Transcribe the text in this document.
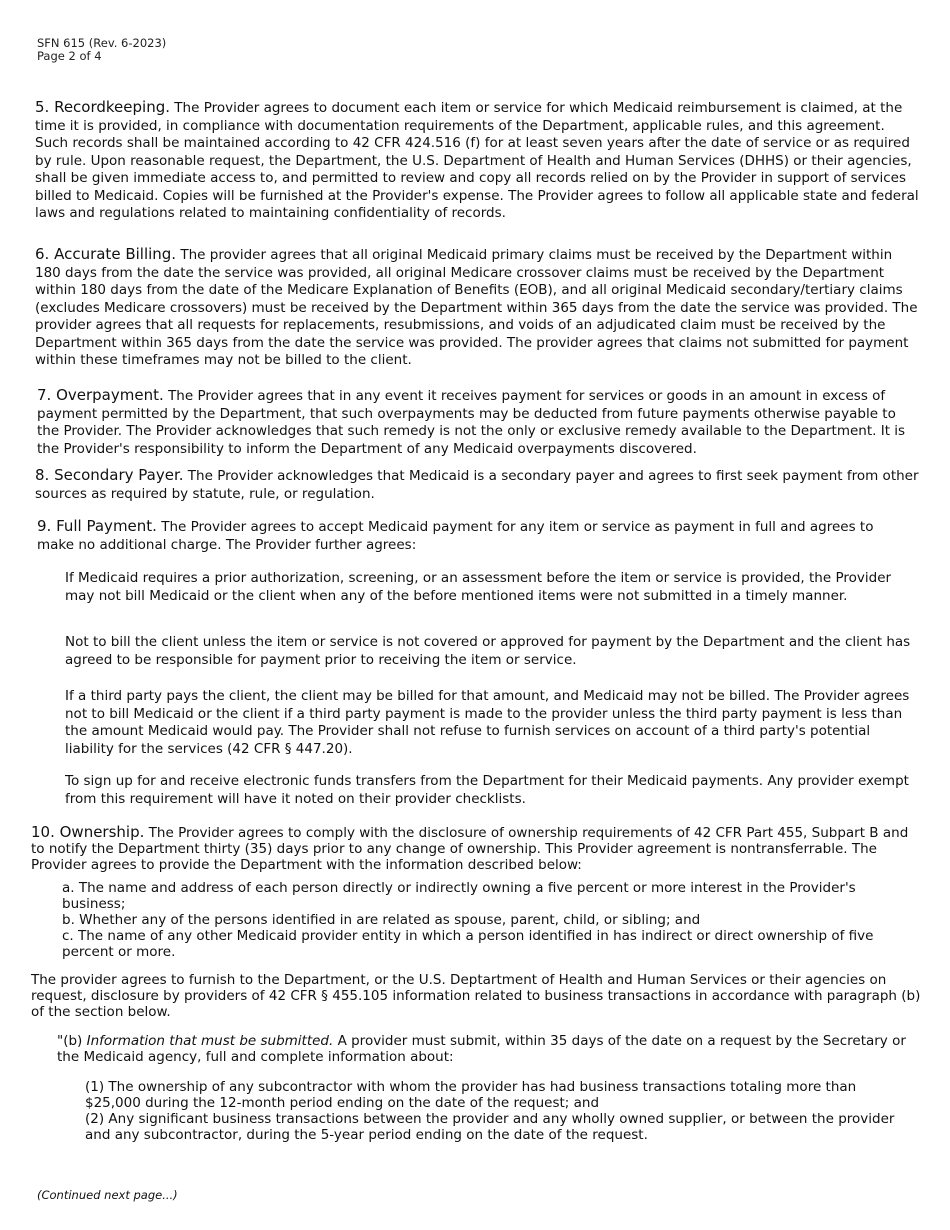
SFN 615 (Rev. 6-2023)
Page 2 of 4

5. Recordkeeping. The Provider agrees to document each item or service for which Medicaid reimbursement is claimed, at the time it is provided, in compliance with documentation requirements of the Department, applicable rules, and this agreement. Such records shall be maintained according to 42 CFR 424.516 (f) for at least seven years after the date of service or as required by rule. Upon reasonable request, the Department, the U.S. Department of Health and Human Services (DHHS) or their agencies, shall be given immediate access to, and permitted to review and copy all records relied on by the Provider in support of services billed to Medicaid. Copies will be furnished at the Provider's expense. The Provider agrees to follow all applicable state and federal laws and regulations related to maintaining confidentiality of records.

6. Accurate Billing. The provider agrees that all original Medicaid primary claims must be received by the Department within 180 days from the date the service was provided, all original Medicare crossover claims must be received by the Department within 180 days from the date of the Medicare Explanation of Benefits (EOB), and all original Medicaid secondary/tertiary claims (excludes Medicare crossovers) must be received by the Department within 365 days from the date the service was provided. The provider agrees that all requests for replacements, resubmissions, and voids of an adjudicated claim must be received by the Department within 365 days from the date the service was provided. The provider agrees that claims not submitted for payment within these timeframes may not be billed to the client.

7. Overpayment. The Provider agrees that in any event it receives payment for services or goods in an amount in excess of payment permitted by the Department, that such overpayments may be deducted from future payments otherwise payable to the Provider. The Provider acknowledges that such remedy is not the only or exclusive remedy available to the Department. It is the Provider's responsibility to inform the Department of any Medicaid overpayments discovered.

8. Secondary Payer. The Provider acknowledges that Medicaid is a secondary payer and agrees to first seek payment from other sources as required by statute, rule, or regulation.

9. Full Payment. The Provider agrees to accept Medicaid payment for any item or service as payment in full and agrees to make no additional charge. The Provider further agrees:

If Medicaid requires a prior authorization, screening, or an assessment before the item or service is provided, the Provider may not bill Medicaid or the client when any of the before mentioned items were not submitted in a timely manner.

Not to bill the client unless the item or service is not covered or approved for payment by the Department and the client has agreed to be responsible for payment prior to receiving the item or service.

If a third party pays the client, the client may be billed for that amount, and Medicaid may not be billed. The Provider agrees not to bill Medicaid or the client if a third party payment is made to the provider unless the third party payment is less than the amount Medicaid would pay. The Provider shall not refuse to furnish services on account of a third party's potential liability for the services (42 CFR § 447.20).

To sign up for and receive electronic funds transfers from the Department for their Medicaid payments. Any provider exempt from this requirement will have it noted on their provider checklists.

10. Ownership. The Provider agrees to comply with the disclosure of ownership requirements of 42 CFR Part 455, Subpart B and to notify the Department thirty (35) days prior to any change of ownership. This Provider agreement is nontransferrable. The Provider agrees to provide the Department with the information described below:

a. The name and address of each person directly or indirectly owning a five percent or more interest in the Provider's business;

b. Whether any of the persons identified in are related as spouse, parent, child, or sibling; and

c. The name of any other Medicaid provider entity in which a person identified in has indirect or direct ownership of five percent or more.

The provider agrees to furnish to the Department, or the U.S. Deptartment of Health and Human Services or their agencies on request, disclosure by providers of 42 CFR § 455.105 information related to business transactions in accordance with paragraph (b) of the section below.

"(b) Information that must be submitted. A provider must submit, within 35 days of the date on a request by the Secretary or the Medicaid agency, full and complete information about:

(1) The ownership of any subcontractor with whom the provider has had business transactions totaling more than $25,000 during the 12-month period ending on the date of the request; and

(2) Any significant business transactions between the provider and any wholly owned supplier, or between the provider and any subcontractor, during the 5-year period ending on the date of the request.

(Continued next page...)
